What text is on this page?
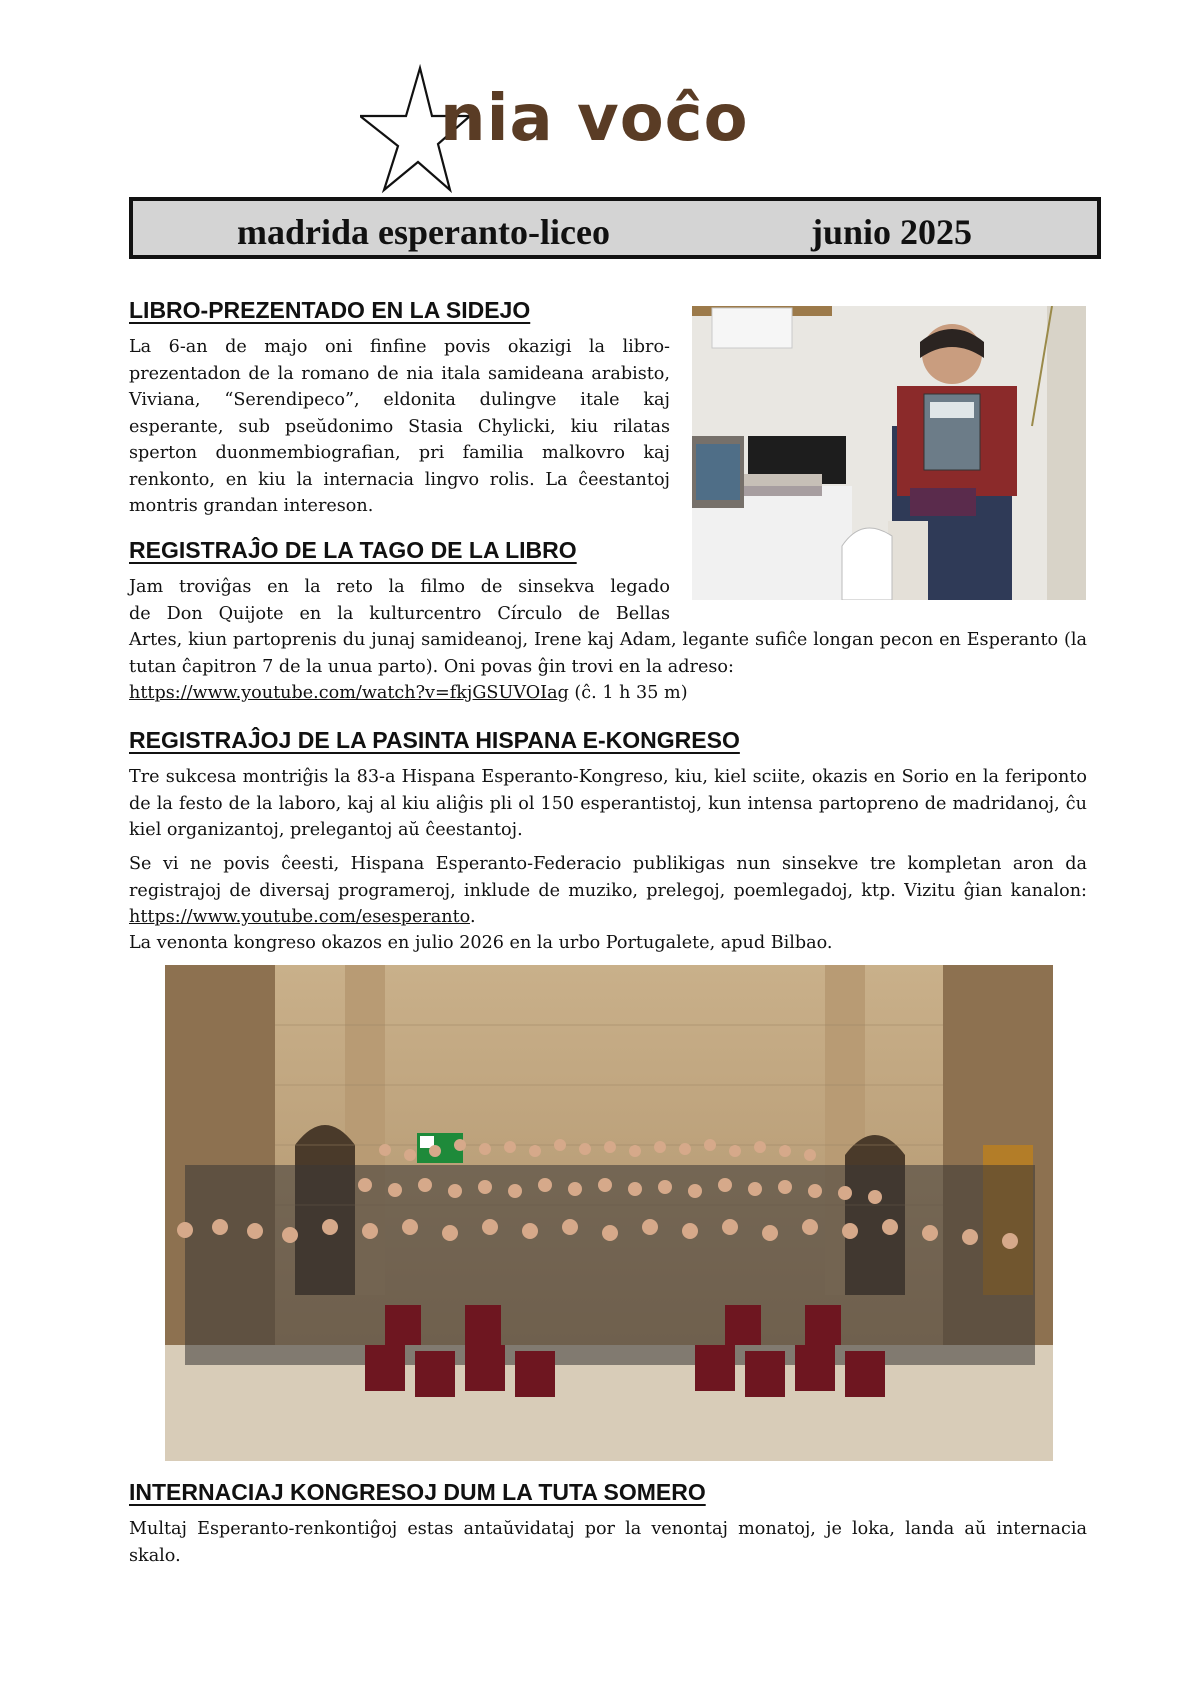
nia voĉo
madrida esperanto-liceo	junio 2025
LIBRO-PREZENTADO EN LA SIDEJO

La 6-an de majo oni finfine povis okazigi la libro-prezentadon de la romano de nia itala samideana arabisto, Viviana, “Serendipeco”, eldonita dulingve itale kaj esperante, sub pseŭdonimo Stasia Chylicki, kiu rilatas sperton duonmembiografian, pri familia malkovro kaj renkonto, en kiu la internacia lingvo rolis. La ĉeestantoj montris grandan intereson.

REGISTRAĴO DE LA TAGO DE LA LIBRO

Jam troviĝas en la reto la filmo de sinsekva legado
de Don Quijote en la kulturcentro Círculo de Bellas

Artes, kiun partoprenis du junaj samideanoj, Irene kaj Adam, legante sufiĉe longan pecon en Esperanto (la tutan ĉapitron 7 de la unua parto). Oni povas ĝin trovi en la adreso:
https://www.youtube.com/watch?v=fkjGSUVOIag (ĉ. 1 h 35 m)

REGISTRAĴOJ DE LA PASINTA HISPANA E-KONGRESO

Tre sukcesa montriĝis la 83-a Hispana Esperanto-Kongreso, kiu, kiel sciite, okazis en Sorio en la feriponto de la festo de la laboro, kaj al kiu aliĝis pli ol 150 esperantistoj, kun intensa partopreno de madridanoj, ĉu kiel organizantoj, prelegantoj aŭ ĉeestantoj.

Se vi ne povis ĉeesti, Hispana Esperanto-Federacio publikigas nun sinsekve tre kompletan aron da registrajoj de diversaj programeroj, inklude de muziko, prelegoj, poemlegadoj, ktp. Vizitu ĝian kanalon: https://www.youtube.com/esesperanto.

La venonta kongreso okazos en julio 2026 en la urbo Portugalete, apud Bilbao.

INTERNACIAJ KONGRESOJ DUM LA TUTA SOMERO

Multaj Esperanto-renkontiĝoj estas antaŭvidataj por la venontaj monatoj, je loka, landa aŭ internacia skalo.
